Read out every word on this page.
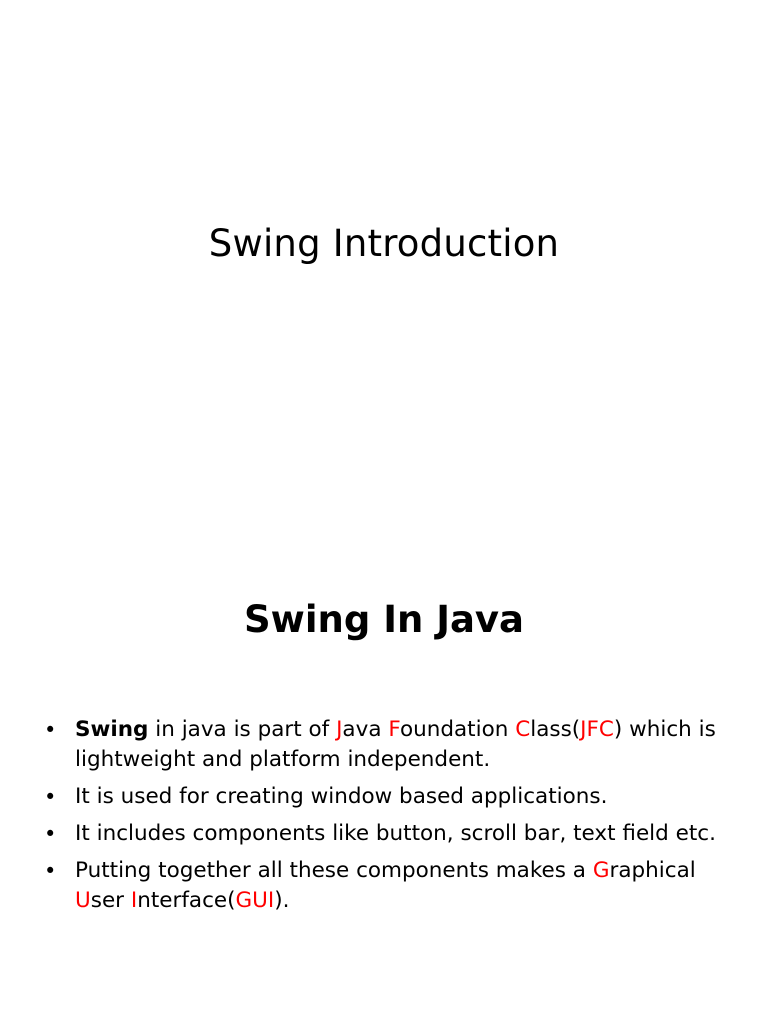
Swing Introduction
Swing In Java
• Swing in java is part of Java Foundation Class(JFC) which is lightweight and platform independent.
• It is used for creating window based applications.
• It includes components like button, scroll bar, text field etc.
• Putting together all these components makes a Graphical User Interface(GUI).
